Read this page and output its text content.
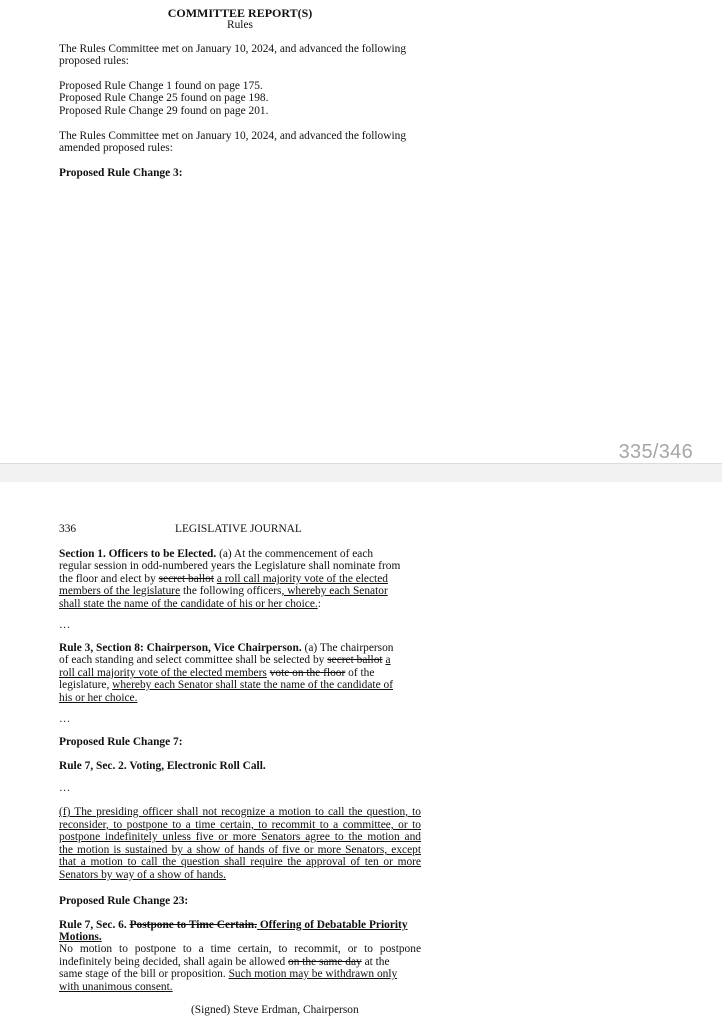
COMMITTEE REPORT(S)
Rules
The Rules Committee met on January 10, 2024, and advanced the following
proposed rules:
Proposed Rule Change 1 found on page 175.
Proposed Rule Change 25 found on page 198.
Proposed Rule Change 29 found on page 201.
The Rules Committee met on January 10, 2024, and advanced the following
amended proposed rules:
Proposed Rule Change 3:
335/346
336	LEGISLATIVE JOURNAL
Section 1. Officers to be Elected. (a) At the commencement of each
regular session in odd-numbered years the Legislature shall nominate from
the floor and elect by secret ballot a roll call majority vote of the elected
members of the legislature the following officers, whereby each Senator
shall state the name of the candidate of his or her choice.:
…
Rule 3, Section 8: Chairperson, Vice Chairperson. (a) The chairperson
of each standing and select committee shall be selected by secret ballot a
roll call majority vote of the elected members vote on the floor of the
legislature, whereby each Senator shall state the name of the candidate of
his or her choice.
…
Proposed Rule Change 7:
Rule 7, Sec. 2. Voting, Electronic Roll Call.
…
(f) The presiding officer shall not recognize a motion to call the question, to
reconsider, to postpone to a time certain, to recommit to a committee, or to
postpone indefinitely unless five or more Senators agree to the motion and
the motion is sustained by a show of hands of five or more Senators, except
that a motion to call the question shall require the approval of ten or more
Senators by way of a show of hands.
Proposed Rule Change 23:
Rule 7, Sec. 6. Postpone to Time Certain. Offering of Debatable Priority
Motions.
No motion to postpone to a time certain, to recommit, or to postpone
indefinitely being decided, shall again be allowed on the same day at the
same stage of the bill or proposition. Such motion may be withdrawn only
with unanimous consent.
(Signed) Steve Erdman, Chairperson
